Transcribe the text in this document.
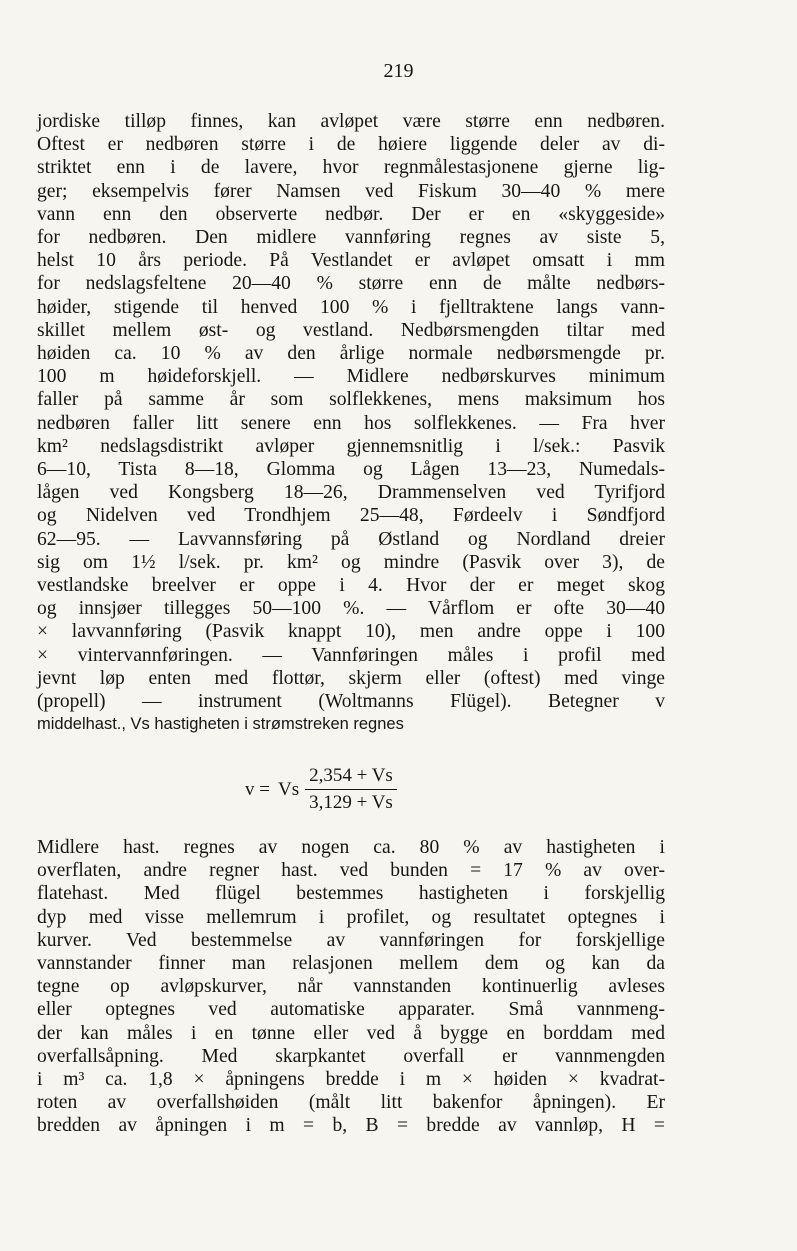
219
jordiske tilløp finnes, kan avløpet være større enn nedbøren.
Oftest er nedbøren større i de høiere liggende deler av di-
striktet enn i de lavere, hvor regnmålestasjonene gjerne lig-
ger; eksempelvis fører Namsen ved Fiskum 30—40 % mere
vann enn den observerte nedbør. Der er en «skyggeside»
for nedbøren. Den midlere vannføring regnes av siste 5,
helst 10 års periode. På Vestlandet er avløpet omsatt i mm
for nedslagsfeltene 20—40 % større enn de målte nedbørs-
høider, stigende til henved 100 % i fjelltraktene langs vann-
skillet mellem øst- og vestland. Nedbørsmengden tiltar med
høiden ca. 10 % av den årlige normale nedbørsmengde pr.
100 m høideforskjell. — Midlere nedbørskurves minimum
faller på samme år som solflekkenes, mens maksimum hos
nedbøren faller litt senere enn hos solflekkenes. — Fra hver
km² nedslagsdistrikt avløper gjennemsnitlig i l/sek.: Pasvik
6—10, Tista 8—18, Glomma og Lågen 13—23, Numedals-
lågen ved Kongsberg 18—26, Drammenselven ved Tyrifjord
og Nidelven ved Trondhjem 25—48, Førdeelv i Søndfjord
62—95. — Lavvannsføring på Østland og Nordland dreier
sig om 1½ l/sek. pr. km² og mindre (Pasvik over 3), de
vestlandske breelver er oppe i 4. Hvor der er meget skog
og innsjøer tillegges 50—100 %. — Vårflom er ofte 30—40
× lavvannføring (Pasvik knappt 10), men andre oppe i 100
× vintervannføringen. — Vannføringen måles i profil med
jevnt løp enten med flottør, skjerm eller (oftest) med vinge
(propell) — instrument (Woltmanns Flügel). Betegner v
middelhast., Vs hastigheten i strømstreken regnes
v = Vs $\frac{2,354 + Vs}{3,129 + Vs}$
Midlere hast. regnes av nogen ca. 80 % av hastigheten i
overflaten, andre regner hast. ved bunden = 17 % av over-
flatehast. Med flügel bestemmes hastigheten i forskjellig
dyp med visse mellemrum i profilet, og resultatet optegnes i
kurver. Ved bestemmelse av vannføringen for forskjellige
vannstander finner man relasjonen mellem dem og kan da
tegne op avløpskurver, når vannstanden kontinuerlig avleses
eller optegnes ved automatiske apparater. Små vannmeng-
der kan måles i en tønne eller ved å bygge en borddam med
overfallsåpning. Med skarpkantet overfall er vannmengden
i m³ ca. 1,8 × åpningens bredde i m × høiden × kvadrat-
roten av overfallshøiden (målt litt bakenfor åpningen). Er
bredden av åpningen i m = b, B = bredde av vannløp, H =
